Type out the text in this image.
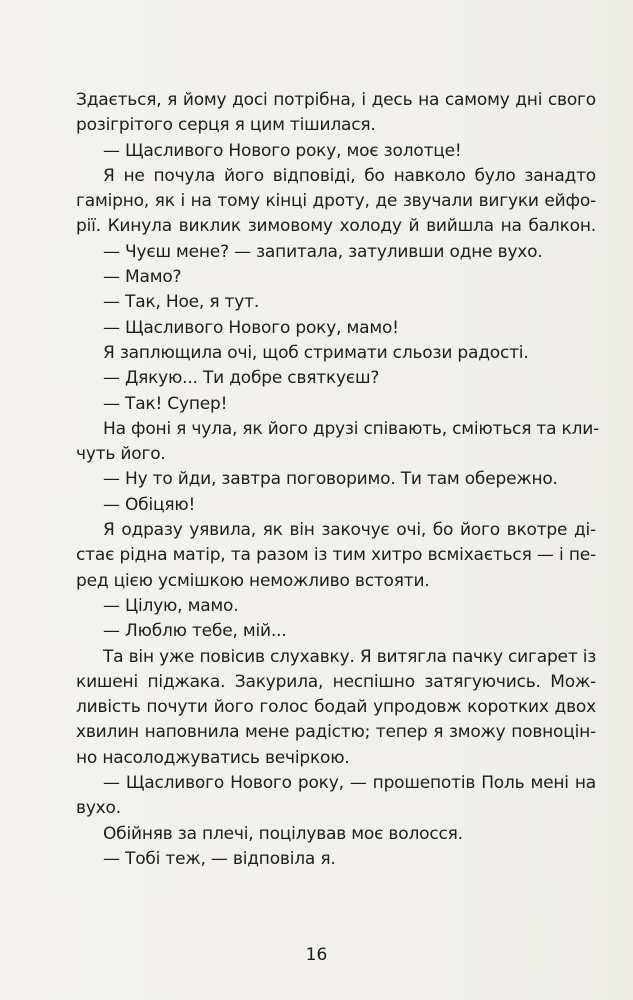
Здається, я йому досі потрібна, і десь на самому дні свого
розігрітого серця я цим тішилася.
— Щасливого Нового року, моє золотце!
Я не почула його відповіді, бо навколо було занадто
гамірно, як і на тому кінці дроту, де звучали вигуки ейфо-
рії. Кинула виклик зимовому холоду й вийшла на балкон.
— Чуєш мене? — запитала, затуливши одне вухо.
— Мамо?
— Так, Ное, я тут.
— Щасливого Нового року, мамо!
Я заплющила очі, щоб стримати сльози радості.
— Дякую... Ти добре святкуєш?
— Так! Супер!
На фоні я чула, як його друзі співають, сміються та кли-
чуть його.
— Ну то йди, завтра поговоримо. Ти там обережно.
— Обіцяю!
Я одразу уявила, як він закочує очі, бо його вкотре ді-
стає рідна матір, та разом із тим хитро всміхається — і пе-
ред цією усмішкою неможливо встояти.
— Цілую, мамо.
— Люблю тебе, мій...
Та він уже повісив слухавку. Я витягла пачку сигарет із
кишені піджака. Закурила, неспішно затягуючись. Мож-
ливість почути його голос бодай упродовж коротких двох
хвилин наповнила мене радістю; тепер я зможу повноцін-
но насолоджуватись вечіркою.
— Щасливого Нового року, — прошепотів Поль мені на
вухо.
Обійняв за плечі, поцілував моє волосся.
— Тобі теж, — відповіла я.
16
